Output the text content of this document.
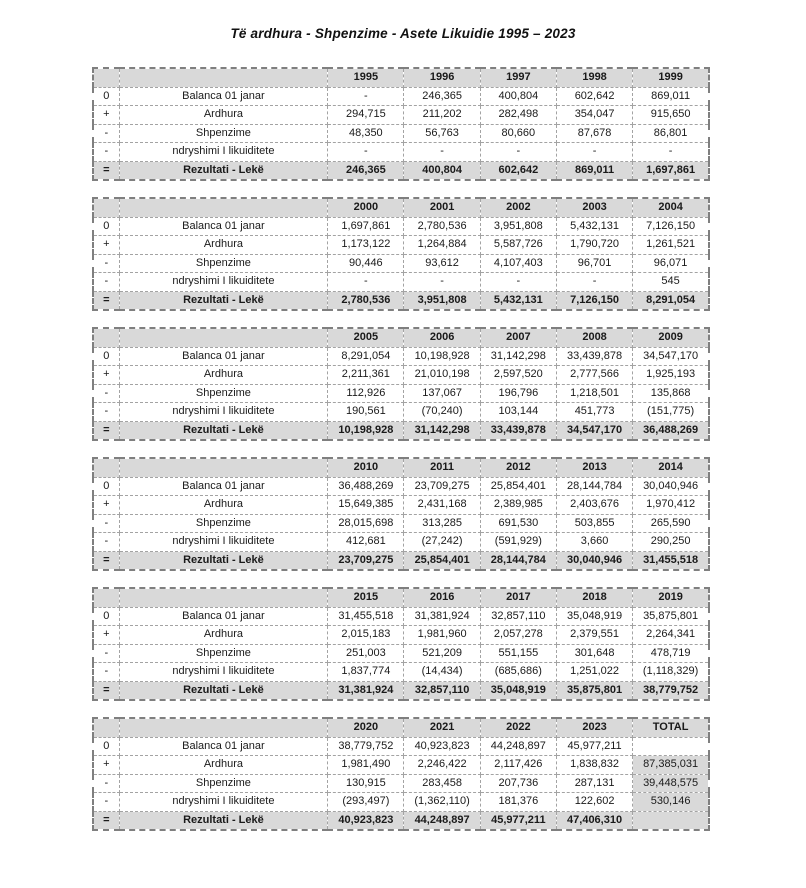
Të ardhura - Shpenzime - Asete Likuidie 1995 – 2023
		1995	1996	1997	1998	1999
0	Balanca 01 janar	-	246,365	400,804	602,642	869,011
+	Ardhura	294,715	211,202	282,498	354,047	915,650
-	Shpenzime	48,350	56,763	80,660	87,678	86,801
-	ndryshimi I likuiditete	-	-	-	-	-
=	Rezultati - Lekë	246,365	400,804	602,642	869,011	1,697,861
		2000	2001	2002	2003	2004
0	Balanca 01 janar	1,697,861	2,780,536	3,951,808	5,432,131	7,126,150
+	Ardhura	1,173,122	1,264,884	5,587,726	1,790,720	1,261,521
-	Shpenzime	90,446	93,612	4,107,403	96,701	96,071
-	ndryshimi I likuiditete	-	-	-	-	545
=	Rezultati - Lekë	2,780,536	3,951,808	5,432,131	7,126,150	8,291,054
		2005	2006	2007	2008	2009
0	Balanca 01 janar	8,291,054	10,198,928	31,142,298	33,439,878	34,547,170
+	Ardhura	2,211,361	21,010,198	2,597,520	2,777,566	1,925,193
-	Shpenzime	112,926	137,067	196,796	1,218,501	135,868
-	ndryshimi I likuiditete	190,561	(70,240)	103,144	451,773	(151,775)
=	Rezultati - Lekë	10,198,928	31,142,298	33,439,878	34,547,170	36,488,269
		2010	2011	2012	2013	2014
0	Balanca 01 janar	36,488,269	23,709,275	25,854,401	28,144,784	30,040,946
+	Ardhura	15,649,385	2,431,168	2,389,985	2,403,676	1,970,412
-	Shpenzime	28,015,698	313,285	691,530	503,855	265,590
-	ndryshimi I likuiditete	412,681	(27,242)	(591,929)	3,660	290,250
=	Rezultati - Lekë	23,709,275	25,854,401	28,144,784	30,040,946	31,455,518
		2015	2016	2017	2018	2019
0	Balanca 01 janar	31,455,518	31,381,924	32,857,110	35,048,919	35,875,801
+	Ardhura	2,015,183	1,981,960	2,057,278	2,379,551	2,264,341
-	Shpenzime	251,003	521,209	551,155	301,648	478,719
-	ndryshimi I likuiditete	1,837,774	(14,434)	(685,686)	1,251,022	(1,118,329)
=	Rezultati - Lekë	31,381,924	32,857,110	35,048,919	35,875,801	38,779,752
		2020	2021	2022	2023	TOTAL
0	Balanca 01 janar	38,779,752	40,923,823	44,248,897	45,977,211	
+	Ardhura	1,981,490	2,246,422	2,117,426	1,838,832	87,385,031
-	Shpenzime	130,915	283,458	207,736	287,131	39,448,575
-	ndryshimi I likuiditete	(293,497)	(1,362,110)	181,376	122,602	530,146
=	Rezultati - Lekë	40,923,823	44,248,897	45,977,211	47,406,310	
